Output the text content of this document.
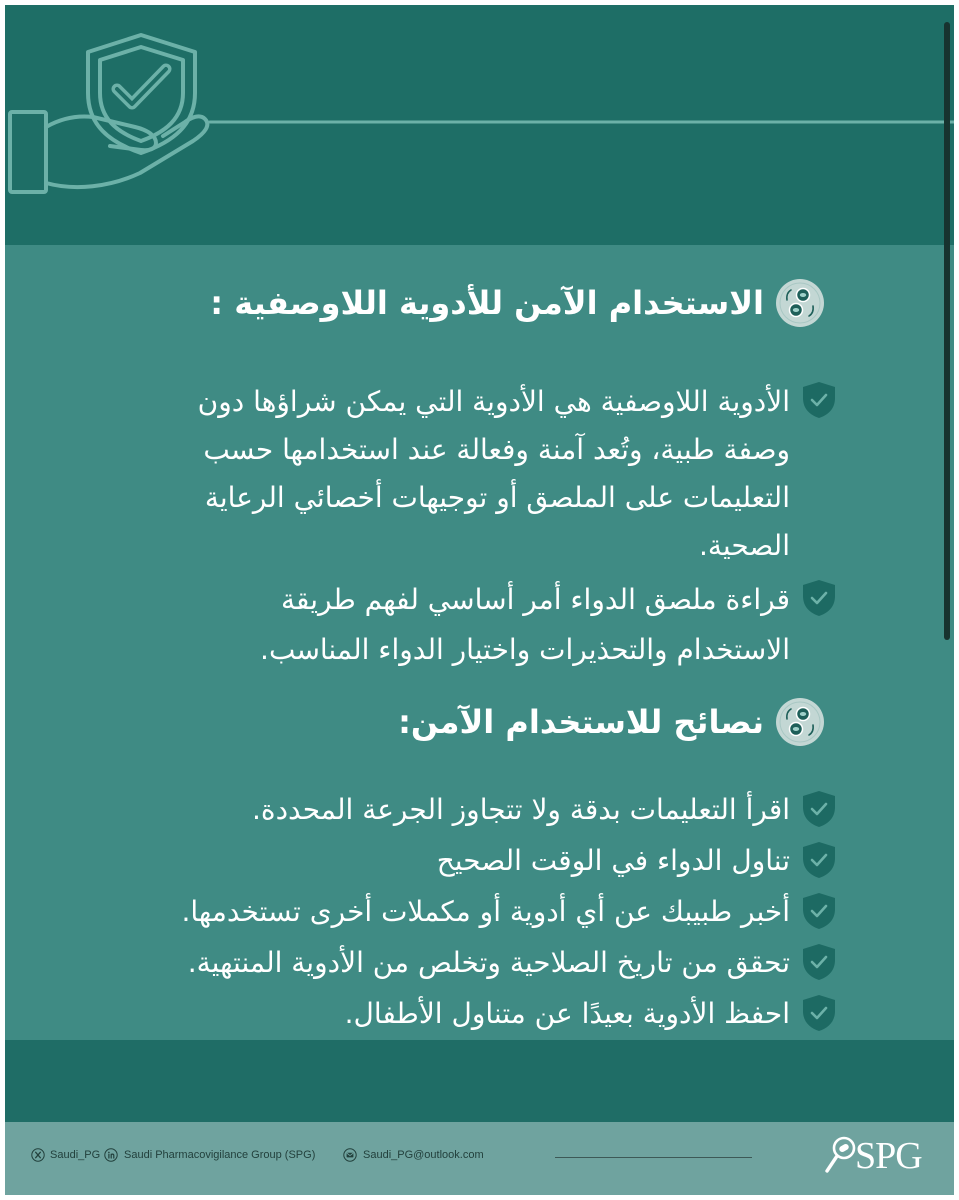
الاستخدام الآمن للأدوية اللاوصفية :
الأدوية اللاوصفية هي الأدوية التي يمكن شراؤها دون
وصفة طبية، وتُعد آمنة وفعالة عند استخدامها حسب
التعليمات على الملصق أو توجيهات أخصائي الرعاية
الصحية.
قراءة ملصق الدواء أمر أساسي لفهم طريقة
الاستخدام والتحذيرات واختيار الدواء المناسب.
نصائح للاستخدام الآمن:
اقرأ التعليمات بدقة ولا تتجاوز الجرعة المحددة.
تناول الدواء في الوقت الصحيح
أخبر طبيبك عن أي أدوية أو مكملات أخرى تستخدمها.
تحقق من تاريخ الصلاحية وتخلص من الأدوية المنتهية.
احفظ الأدوية بعيدًا عن متناول الأطفال.
Saudi_PG Saudi Pharmacovigilance Group (SPG)	Saudi_PG@outlook.com	SPG
